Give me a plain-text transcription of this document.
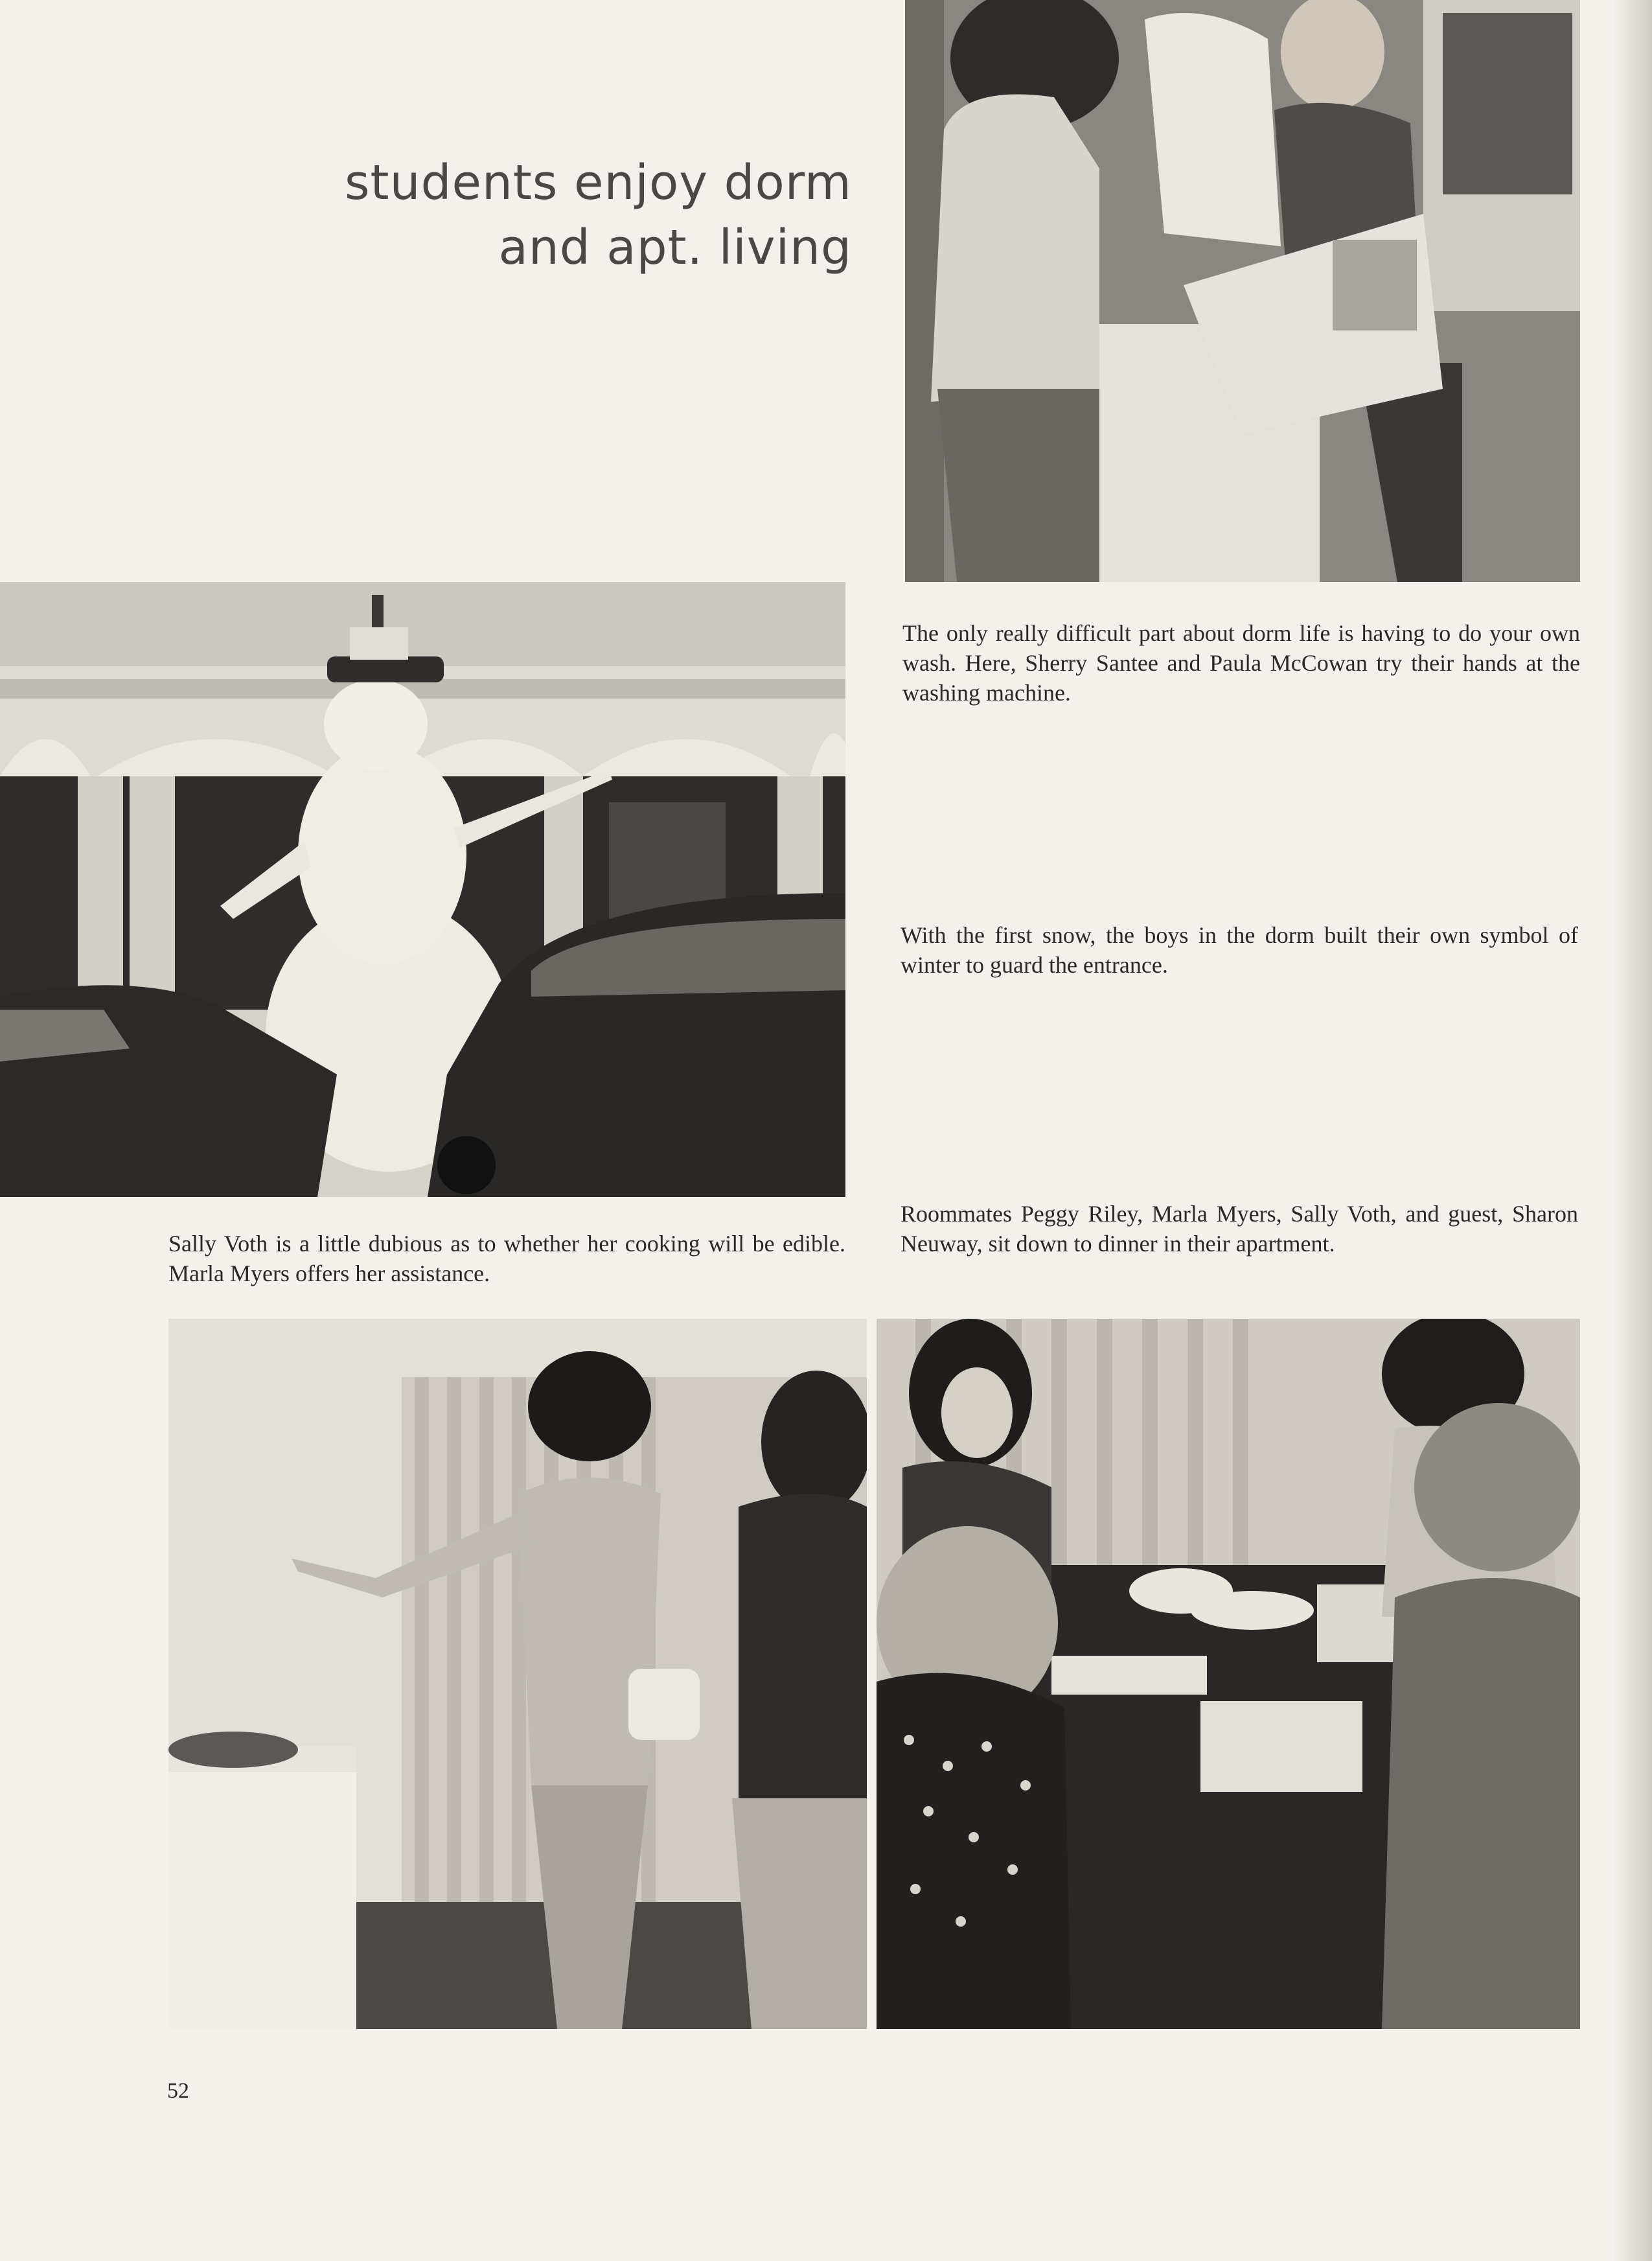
students enjoy dorm
and apt. living
The only really difficult part about dorm life is having to do your own wash. Here, Sherry Santee and Paula McCowan try their hands at the washing machine.
With the first snow, the boys in the dorm built their own symbol of winter to guard the entrance.
Sally Voth is a little dubious as to whether her cooking will be edible. Marla Myers offers her assistance.
Roommates Peggy Riley, Marla Myers, Sally Voth, and guest, Sharon Neuway, sit down to dinner in their apartment.
52
